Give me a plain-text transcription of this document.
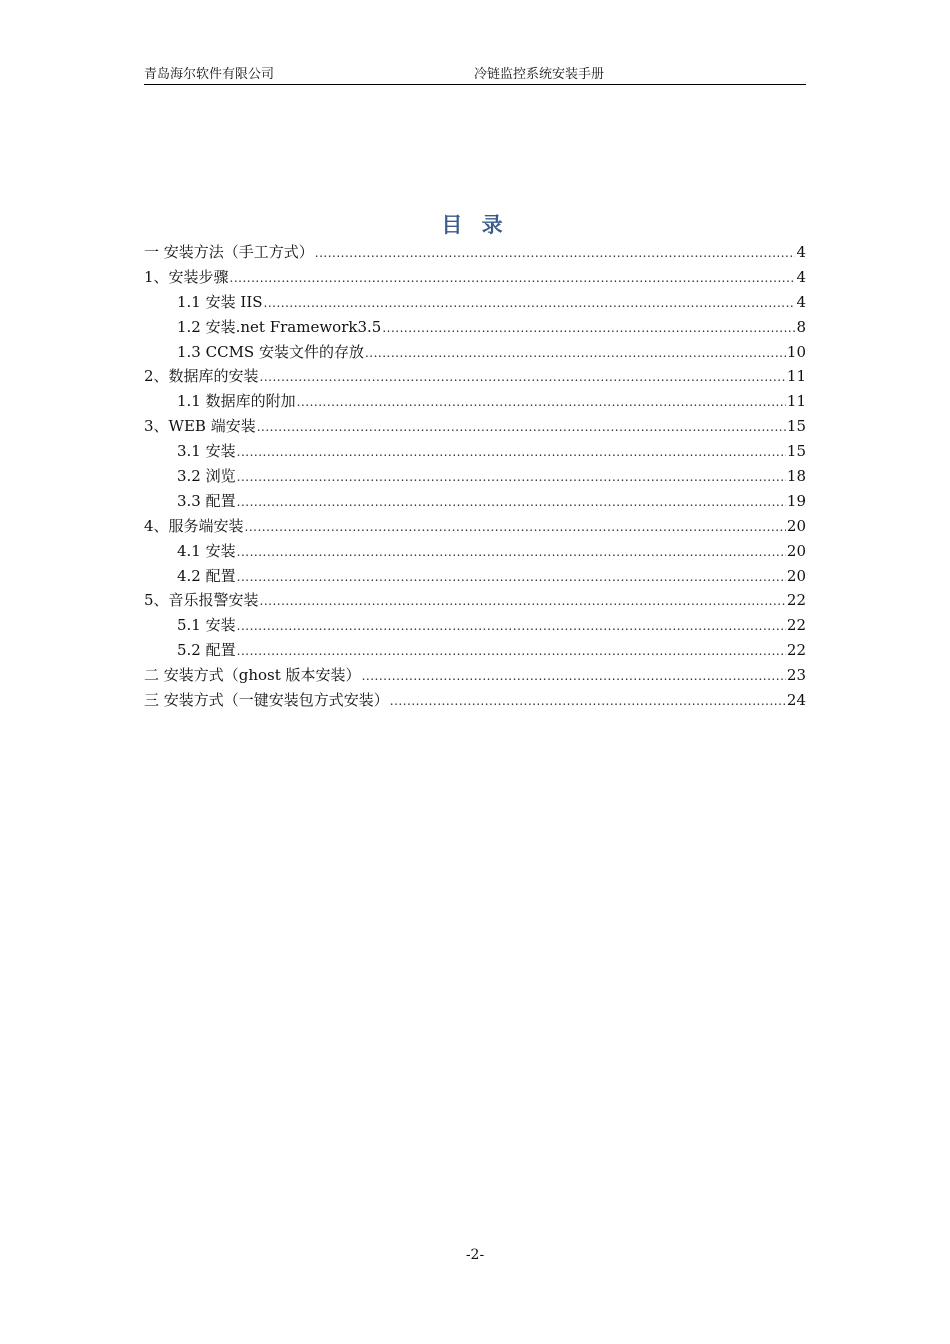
青岛海尔软件有限公司	冷链监控系统安装手册
目 录
一 安装方法（手工方式） .....	4
1、安装步骤 .....	4
1.1 安装 IIS .....	4
1.2 安装.net Framework3.5 .....	8
1.3 CCMS 安装文件的存放 .....	10
2、数据库的安装 .....	11
1.1 数据库的附加 .....	11
3、WEB 端安装 .....	15
3.1 安装 .....	15
3.2 浏览 .....	18
3.3 配置 .....	19
4、服务端安装 .....	20
4.1 安装 .....	20
4.2 配置 .....	20
5、音乐报警安装 .....	22
5.1 安装 .....	22
5.2 配置 .....	22
二 安装方式（ghost 版本安装） .....	23
三 安装方式（一键安装包方式安装） .....	24
-2-
